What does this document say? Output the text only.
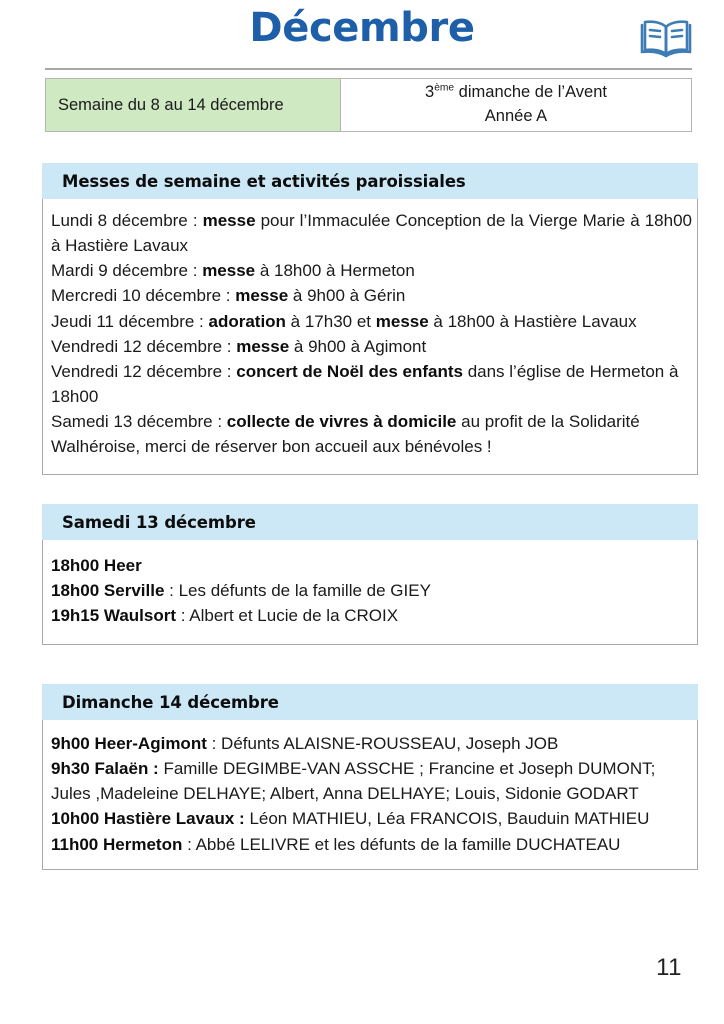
Décembre
Semaine du 8 au 14 décembre
3ème dimanche de l’Avent
Année A
Messes de semaine et activités paroissiales

Lundi 8 décembre : messe pour l’Immaculée Conception de la Vierge Marie à 18h00 à Hastière Lavaux

Mardi 9 décembre : messe à 18h00 à Hermeton

Mercredi 10 décembre : messe à 9h00 à Gérin

Jeudi 11 décembre : adoration à 17h30 et messe à 18h00 à Hastière Lavaux

Vendredi 12 décembre : messe à 9h00 à Agimont

Vendredi 12 décembre : concert de Noël des enfants dans l’église de Hermeton à 18h00

Samedi 13 décembre : collecte de vivres à domicile au profit de la Solidarité Walhéroise, merci de réserver bon accueil aux bénévoles !

Samedi 13 décembre

18h00 Heer

18h00 Serville : Les défunts de la famille de GIEY

19h15 Waulsort : Albert et Lucie de la CROIX

Dimanche 14 décembre

9h00 Heer-Agimont : Défunts ALAISNE-ROUSSEAU, Joseph JOB

9h30 Falaën : Famille DEGIMBE-VAN ASSCHE ; Francine et Joseph DUMONT; Jules ,Madeleine DELHAYE; Albert, Anna DELHAYE; Louis, Sidonie GODART

10h00 Hastière Lavaux : Léon MATHIEU, Léa FRANCOIS, Bauduin MATHIEU

11h00 Hermeton : Abbé LELIVRE et les défunts de la famille DUCHATEAU

11
